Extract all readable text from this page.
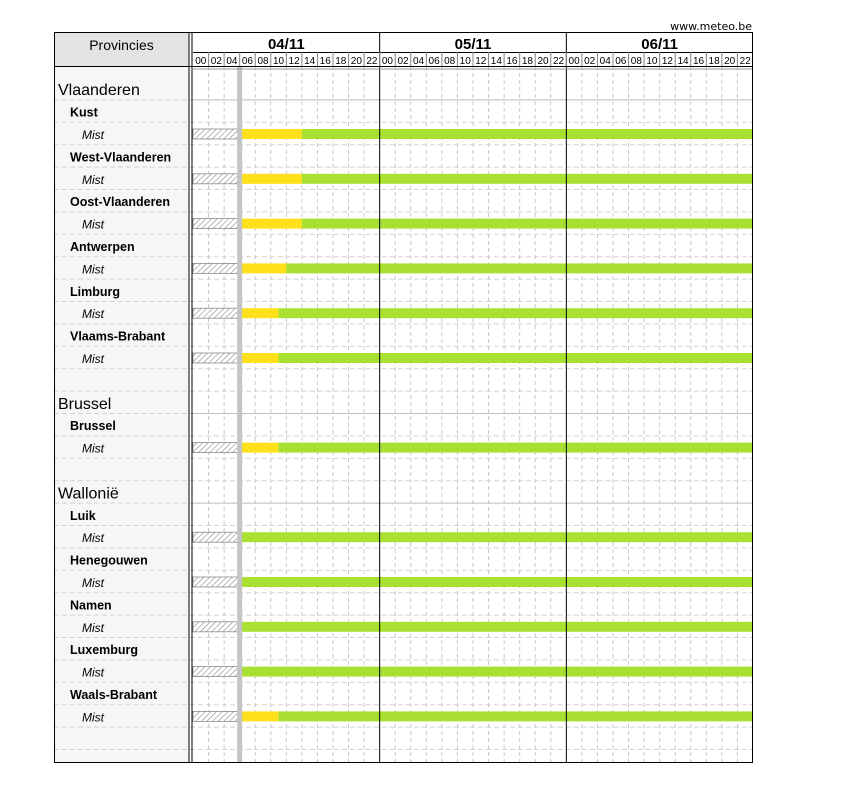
www.meteo.be
Provincies	04/11
00 02 04 06 08 10 12 14 16 18 20 22
05/11
00 02 04 06 08 10 12 14 16 18 20 22
06/11
00 02 04 06 08 10 12 14 16 18 20 22
Vlaanderen
Kust
Mist
West-Vlaanderen
Mist
Oost-Vlaanderen
Mist
Antwerpen
Mist
Limburg
Mist
Vlaams-Brabant
Mist
Brussel
Brussel
Mist
Wallonië
Luik
Mist
Henegouwen
Mist
Namen
Mist
Luxemburg
Mist
Waals-Brabant
Mist
